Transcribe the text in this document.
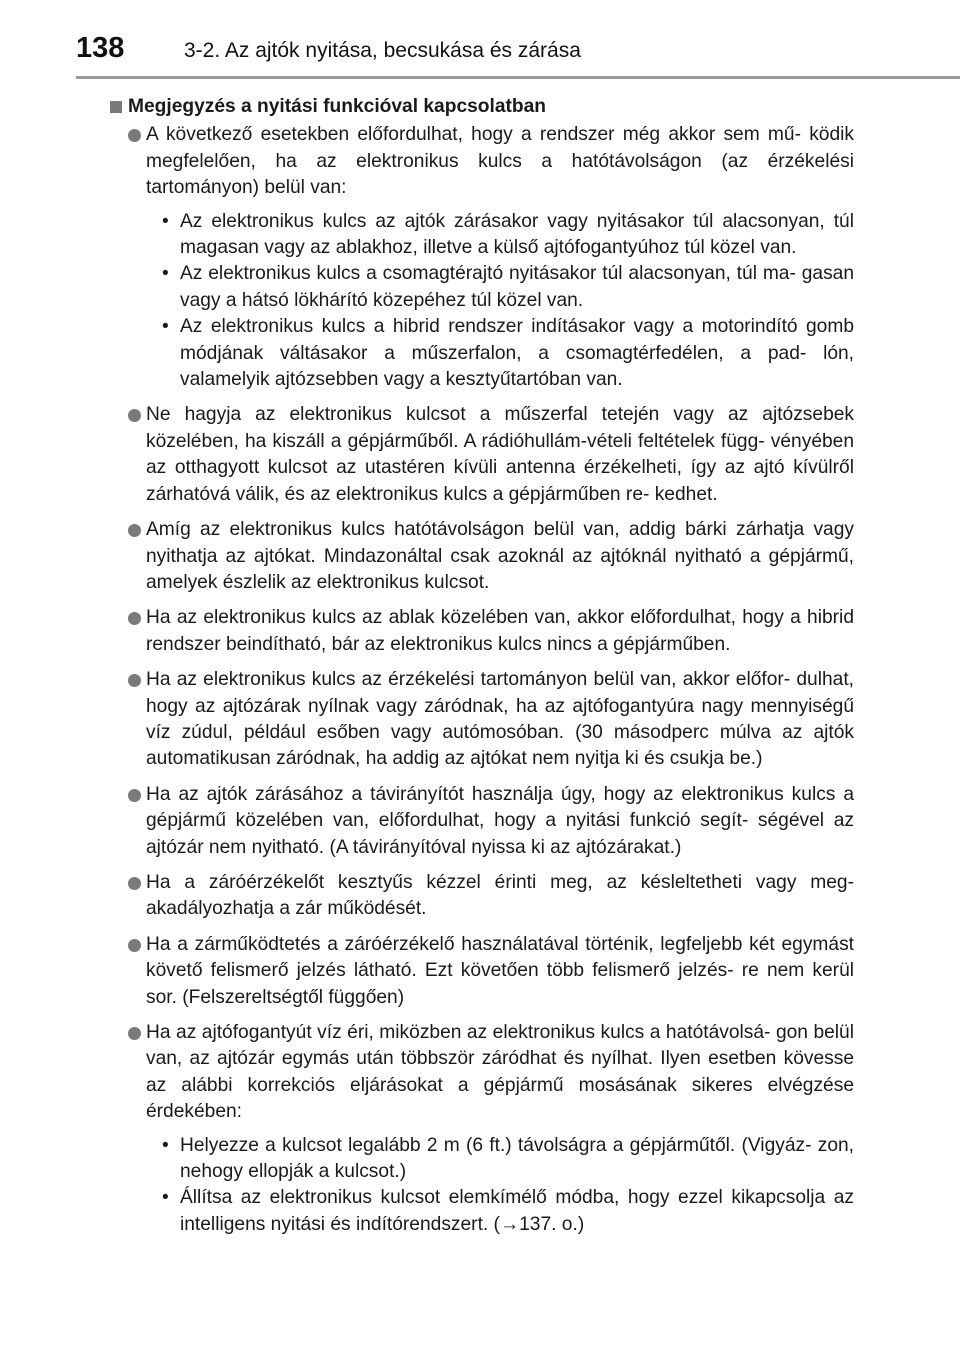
138	3-2. Az ajtók nyitása, becsukása és zárása
Megjegyzés a nyitási funkcióval kapcsolatban
A következő esetekben előfordulhat, hogy a rendszer még akkor sem mű- ködik megfelelően, ha az elektronikus kulcs a hatótávolságon (az érzékelési tartományon) belül van:
• Az elektronikus kulcs az ajtók zárásakor vagy nyitásakor túl alacsonyan, túl magasan vagy az ablakhoz, illetve a külső ajtófogantyúhoz túl közel van.
• Az elektronikus kulcs a csomagtérajtó nyitásakor túl alacsonyan, túl ma- gasan vagy a hátsó lökhárító közepéhez túl közel van.
• Az elektronikus kulcs a hibrid rendszer indításakor vagy a motorindító gomb módjának váltásakor a műszerfalon, a csomagtérfedélen, a pad- lón, valamelyik ajtózsebben vagy a kesztyűtartóban van.
Ne hagyja az elektronikus kulcsot a műszerfal tetején vagy az ajtózsebek közelében, ha kiszáll a gépjárműből. A rádióhullám-vételi feltételek függ- vényében az otthagyott kulcsot az utastéren kívüli antenna érzékelheti, így az ajtó kívülről zárhatóvá válik, és az elektronikus kulcs a gépjárműben re- kedhet.
Amíg az elektronikus kulcs hatótávolságon belül van, addig bárki zárhatja vagy nyithatja az ajtókat. Mindazonáltal csak azoknál az ajtóknál nyitható a gépjármű, amelyek észlelik az elektronikus kulcsot.
Ha az elektronikus kulcs az ablak közelében van, akkor előfordulhat, hogy a hibrid rendszer beindítható, bár az elektronikus kulcs nincs a gépjárműben.
Ha az elektronikus kulcs az érzékelési tartományon belül van, akkor előfor- dulhat, hogy az ajtózárak nyílnak vagy záródnak, ha az ajtófogantyúra nagy mennyiségű víz zúdul, például esőben vagy autómosóban. (30 másodperc múlva az ajtók automatikusan záródnak, ha addig az ajtókat nem nyitja ki és csukja be.)
Ha az ajtók zárásához a távirányítót használja úgy, hogy az elektronikus kulcs a gépjármű közelében van, előfordulhat, hogy a nyitási funkció segít- ségével az ajtózár nem nyitható. (A távirányítóval nyissa ki az ajtózárakat.)
Ha a záróérzékelőt kesztyűs kézzel érinti meg, az késleltetheti vagy meg- akadályozhatja a zár működését.
Ha a zárműködtetés a záróérzékelő használatával történik, legfeljebb két egymást követő felismerő jelzés látható. Ezt követően több felismerő jelzés- re nem kerül sor. (Felszereltségtől függően)
Ha az ajtófogantyút víz éri, miközben az elektronikus kulcs a hatótávolsá- gon belül van, az ajtózár egymás után többször záródhat és nyílhat. Ilyen esetben kövesse az alábbi korrekciós eljárásokat a gépjármű mosásának sikeres elvégzése érdekében:
• Helyezze a kulcsot legalább 2 m (6 ft.) távolságra a gépjárműtől. (Vigyáz- zon, nehogy ellopják a kulcsot.)
• Állítsa az elektronikus kulcsot elemkímélő módba, hogy ezzel kikapcsolja az intelligens nyitási és indítórendszert. (→137. o.)
